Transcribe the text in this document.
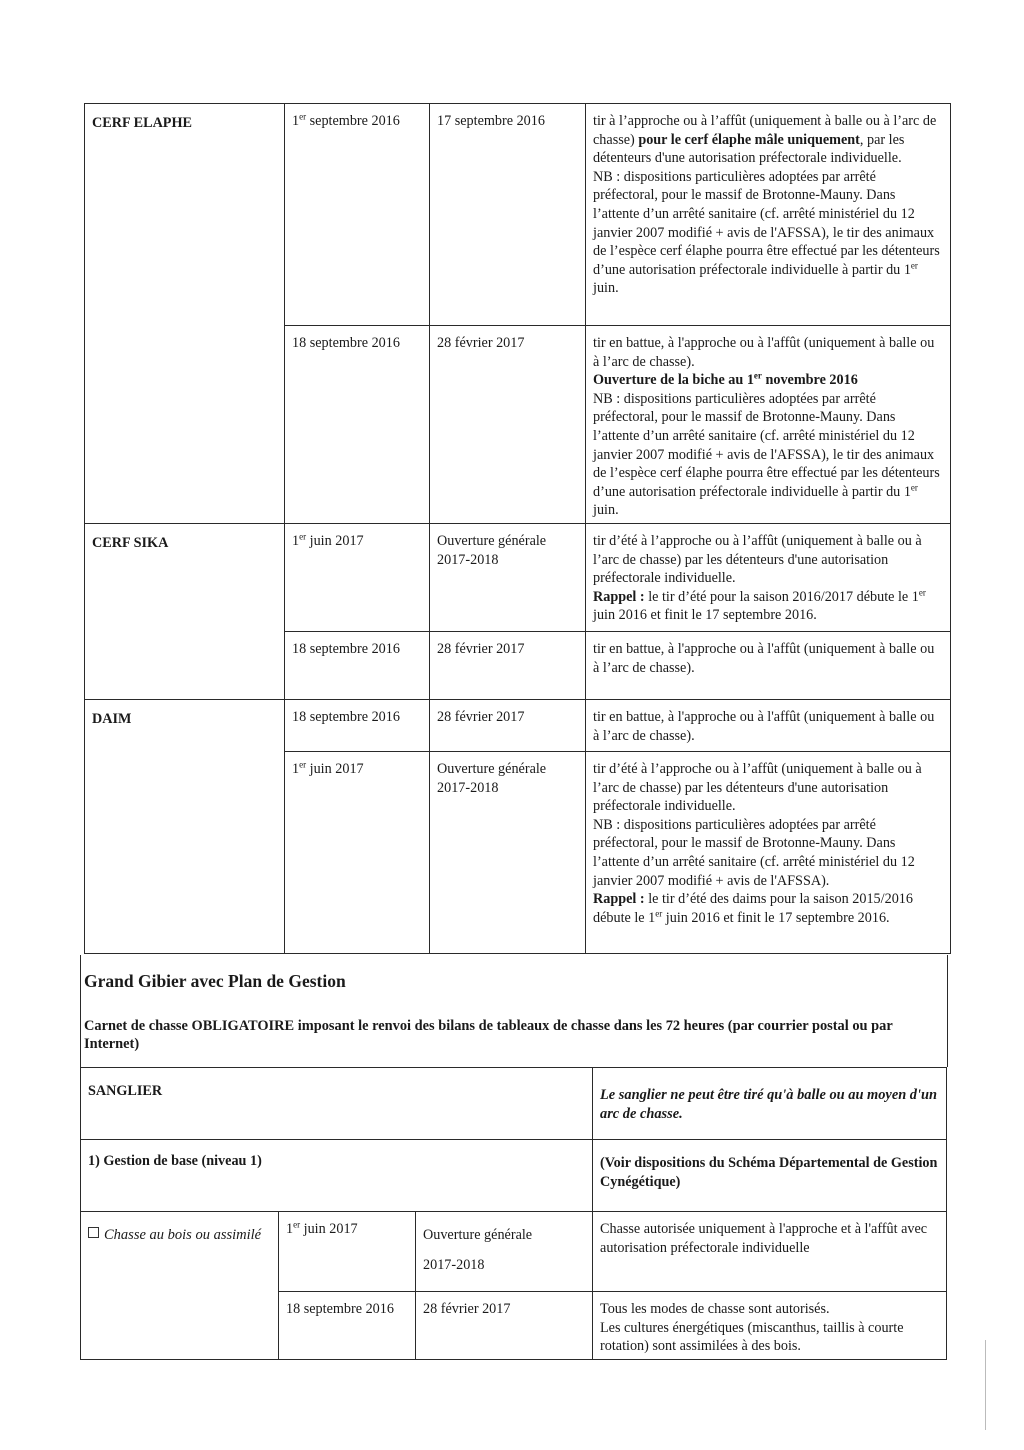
CERF ELAPHE	1er septembre 2016	17 septembre 2016	tir à l’approche ou à l’affût (uniquement à balle ou à l’arc de chasse) pour le cerf élaphe mâle uniquement, par les détenteurs d'une autorisation préfectorale individuelle.
NB : dispositions particulières adoptées par arrêté préfectoral, pour le massif de Brotonne-Mauny. Dans l’attente d’un arrêté sanitaire (cf. arrêté ministériel du 12 janvier 2007 modifié + avis de l'AFSSA), le tir des animaux de l’espèce cerf élaphe pourra être effectué par les détenteurs d’une autorisation préfectorale individuelle à partir du 1er juin.
	18 septembre 2016	28 février 2017	tir en battue, à l'approche ou à l'affût (uniquement à balle ou à l’arc de chasse).
Ouverture de la biche au 1er novembre 2016
NB : dispositions particulières adoptées par arrêté préfectoral, pour le massif de Brotonne-Mauny. Dans l’attente d’un arrêté sanitaire (cf. arrêté ministériel du 12 janvier 2007 modifié + avis de l'AFSSA), le tir des animaux de l’espèce cerf élaphe pourra être effectué par les détenteurs d’une autorisation préfectorale individuelle à partir du 1er juin.
CERF SIKA	1er juin 2017	Ouverture générale
2017-2018	tir d’été à l’approche ou à l’affût (uniquement à balle ou à l’arc de chasse) par les détenteurs d'une autorisation préfectorale individuelle.
Rappel : le tir d’été pour la saison 2016/2017 débute le 1er juin 2016 et finit le 17 septembre 2016.
	18 septembre 2016	28 février 2017	tir en battue, à l'approche ou à l'affût (uniquement à balle ou à l’arc de chasse).
DAIM	18 septembre 2016	28 février 2017	tir en battue, à l'approche ou à l'affût (uniquement à balle ou à l’arc de chasse).
	1er juin 2017	Ouverture générale
2017-2018	tir d’été à l’approche ou à l’affût (uniquement à balle ou à l’arc de chasse) par les détenteurs d'une autorisation préfectorale individuelle.
NB : dispositions particulières adoptées par arrêté préfectoral, pour le massif de Brotonne-Mauny. Dans l’attente d’un arrêté sanitaire (cf. arrêté ministériel du 12 janvier 2007 modifié + avis de l'AFSSA).
Rappel : le tir d’été des daims pour la saison 2015/2016 débute le 1er juin 2016 et finit le 17 septembre 2016.
Grand Gibier avec Plan de Gestion
Carnet de chasse OBLIGATOIRE imposant le renvoi des bilans de tableaux de chasse dans les 72 heures (par courrier postal ou par Internet)
SANGLIER			Le sanglier ne peut être tiré qu'à balle ou au moyen d'un arc de chasse.
1) Gestion de base (niveau 1)			(Voir dispositions du Schéma Départemental de Gestion Cynégétique)
Chasse au bois ou assimilé	1er juin 2017	Ouverture générale
2017-2018	Chasse autorisée uniquement à l'approche et à l'affût avec autorisation préfectorale individuelle
	18 septembre 2016	28 février 2017	Tous les modes de chasse sont autorisés.
Les cultures énergétiques (miscanthus, taillis à courte rotation) sont assimilées à des bois.
